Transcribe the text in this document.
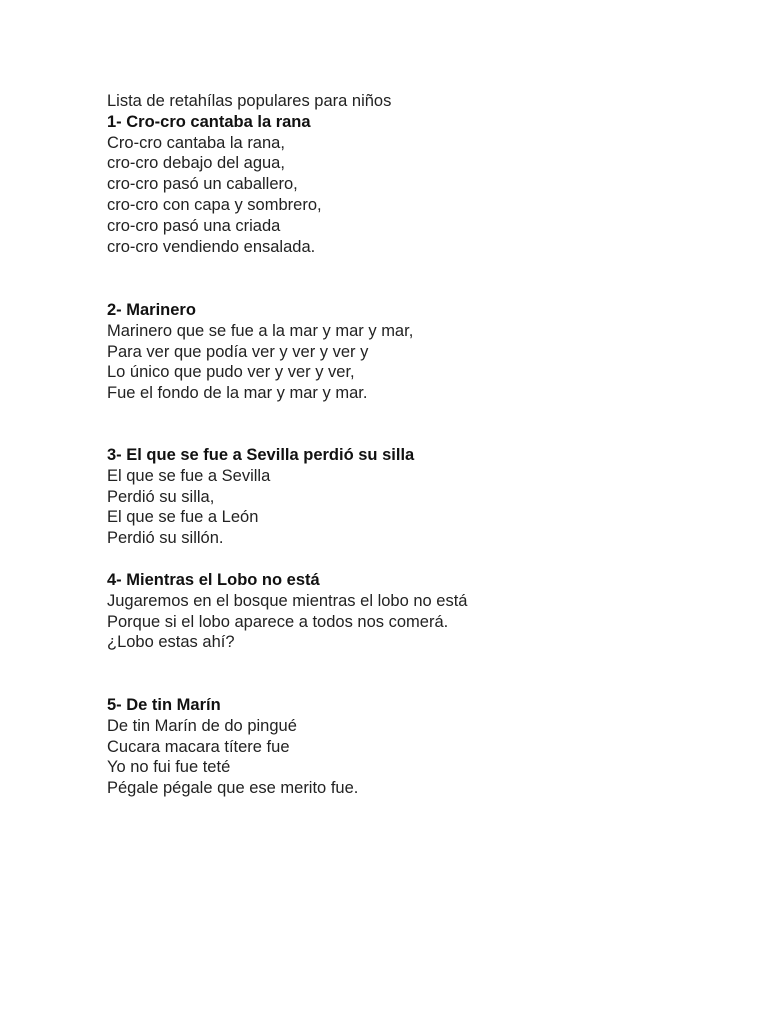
Lista de retahílas populares para niños
1- Cro-cro cantaba la rana
Cro-cro cantaba la rana,
cro-cro debajo del agua,
cro-cro pasó un caballero,
cro-cro con capa y sombrero,
cro-cro pasó una criada
cro-cro vendiendo ensalada.
2- Marinero
Marinero que se fue a la mar y mar y mar,
Para ver que podía ver y ver y ver y
Lo único que pudo ver y ver y ver,
Fue el fondo de la mar y mar y mar.
3- El que se fue a Sevilla perdió su silla
El que se fue a Sevilla
Perdió su silla,
El que se fue a León
Perdió su sillón.
4- Mientras el Lobo no está
Jugaremos en el bosque mientras el lobo no está
Porque si el lobo aparece a todos nos comerá.
¿Lobo estas ahí?
5- De tin Marín
De tin Marín de do pingué
Cucara macara títere fue
Yo no fui fue teté
Pégale pégale que ese merito fue.
